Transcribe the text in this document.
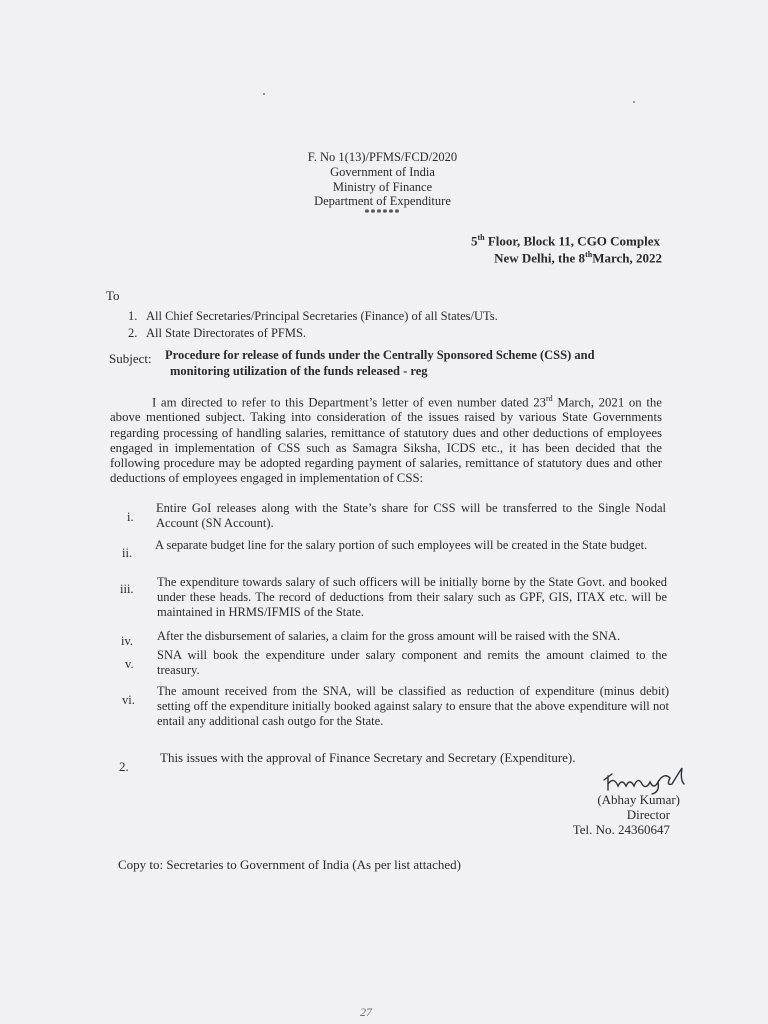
F. No 1(13)/PFMS/FCD/2020
Government of India
Ministry of Finance
Department of Expenditure
******
5th Floor, Block 11, CGO Complex
New Delhi, the 8thMarch, 2022
To
1. All Chief Secretaries/Principal Secretaries (Finance) of all States/UTs.
2. All State Directorates of PFMS.
Subject: Procedure for release of funds under the Centrally Sponsored Scheme (CSS) and
monitoring utilization of the funds released - reg
I am directed to refer to this Department’s letter of even number dated 23rd March, 2021 on the above mentioned subject. Taking into consideration of the issues raised by various State Governments regarding processing of handling salaries, remittance of statutory dues and other deductions of employees engaged in implementation of CSS such as Samagra Siksha, ICDS etc., it has been decided that the following procedure may be adopted regarding payment of salaries, remittance of statutory dues and other deductions of employees engaged in implementation of CSS:
i.
Entire GoI releases along with the State’s share for CSS will be transferred to the Single Nodal Account (SN Account).
ii.
A separate budget line for the salary portion of such employees will be created in the State budget.
iii. The expenditure towards salary of such officers will be initially borne by the State Govt. and booked under these heads. The record of deductions from their salary such as GPF, GIS, ITAX etc. will be maintained in HRMS/IFMIS of the State.
iv. After the disbursement of salaries, a claim for the gross amount will be raised with the SNA.
v.
SNA will book the expenditure under salary component and remits the amount claimed to the treasury.
vi.
The amount received from the SNA, will be classified as reduction of expenditure (minus debit) setting off the expenditure initially booked against salary to ensure that the above expenditure will not entail any additional cash outgo for the State.
2.
This issues with the approval of Finance Secretary and Secretary (Expenditure).
(Abhay Kumar)
Director
Tel. No. 24360647
Copy to: Secretaries to Government of India (As per list attached)
27
